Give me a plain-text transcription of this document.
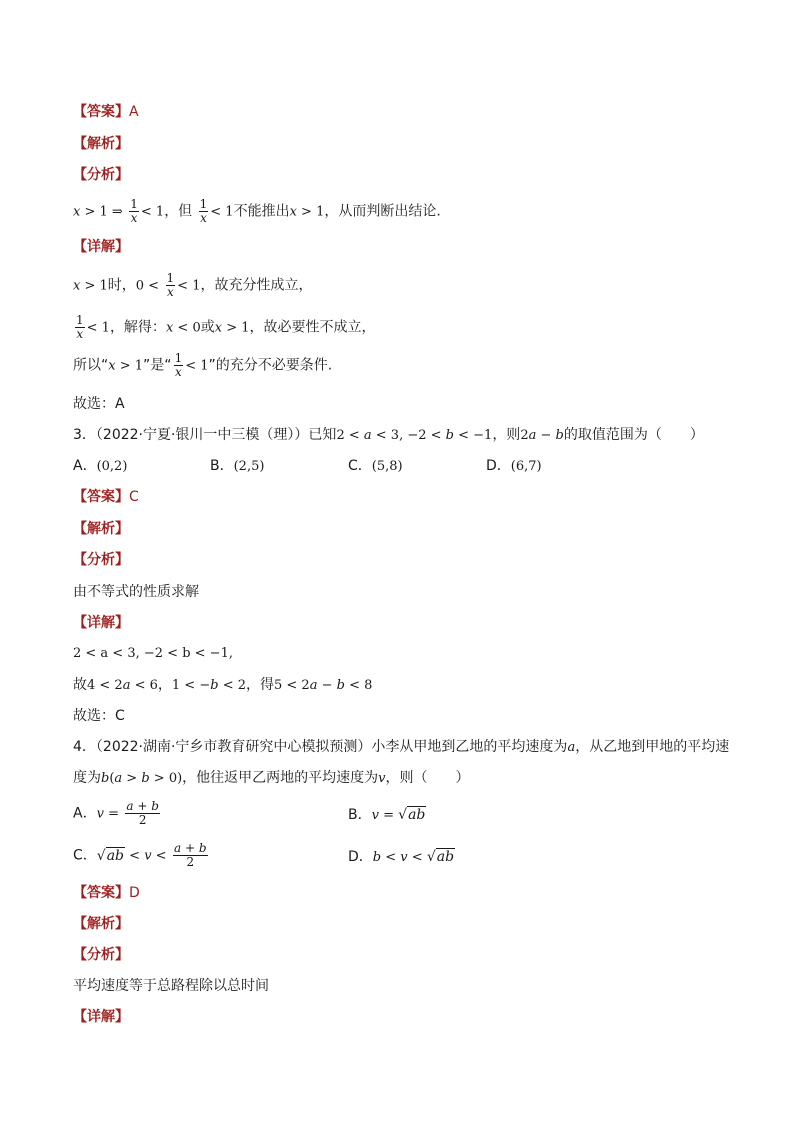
【答案】A
【解析】
【分析】
x > 1 ⇒ $\frac{1}{x} < 1$，但 $\frac{1}{x} < 1$不能推出x > 1，从而判断出结论.
【详解】
x > 1时，$0 < \frac{1}{x} < 1$，故充分性成立，
$\frac{1}{x} < 1$，解得：x < 0或x > 1，故必要性不成立，
所以“x > 1”是“ $\frac{1}{x} < 1$”的充分不必要条件.
故选：A
3．（2022·宁夏·银川一中三模（理））已知2 < a < 3, −2 < b < −1，则2a − b的取值范围为（　　）
A．(0,2)	B．(2,5)	C．(5,8)	D．(6,7)
【答案】C
【解析】
【分析】
由不等式的性质求解
【详解】
2 < a < 3, −2 < b < −1,
故4 < 2a < 6，1 < −b < 2，得5 < 2a − b < 8
故选：C
4．（2022·湖南·宁乡市教育研究中心模拟预测）小李从甲地到乙地的平均速度为a，从乙地到甲地的平均速
度为b(a > b > 0)，他往返甲乙两地的平均速度为v，则（　　）
A．$v = \frac{a + b}{2}$	B．v = √ab
C．$√ab < v < \frac{a + b}{2}$	D．b < v < √ab
【答案】D
【解析】
【分析】
平均速度等于总路程除以总时间
【详解】
